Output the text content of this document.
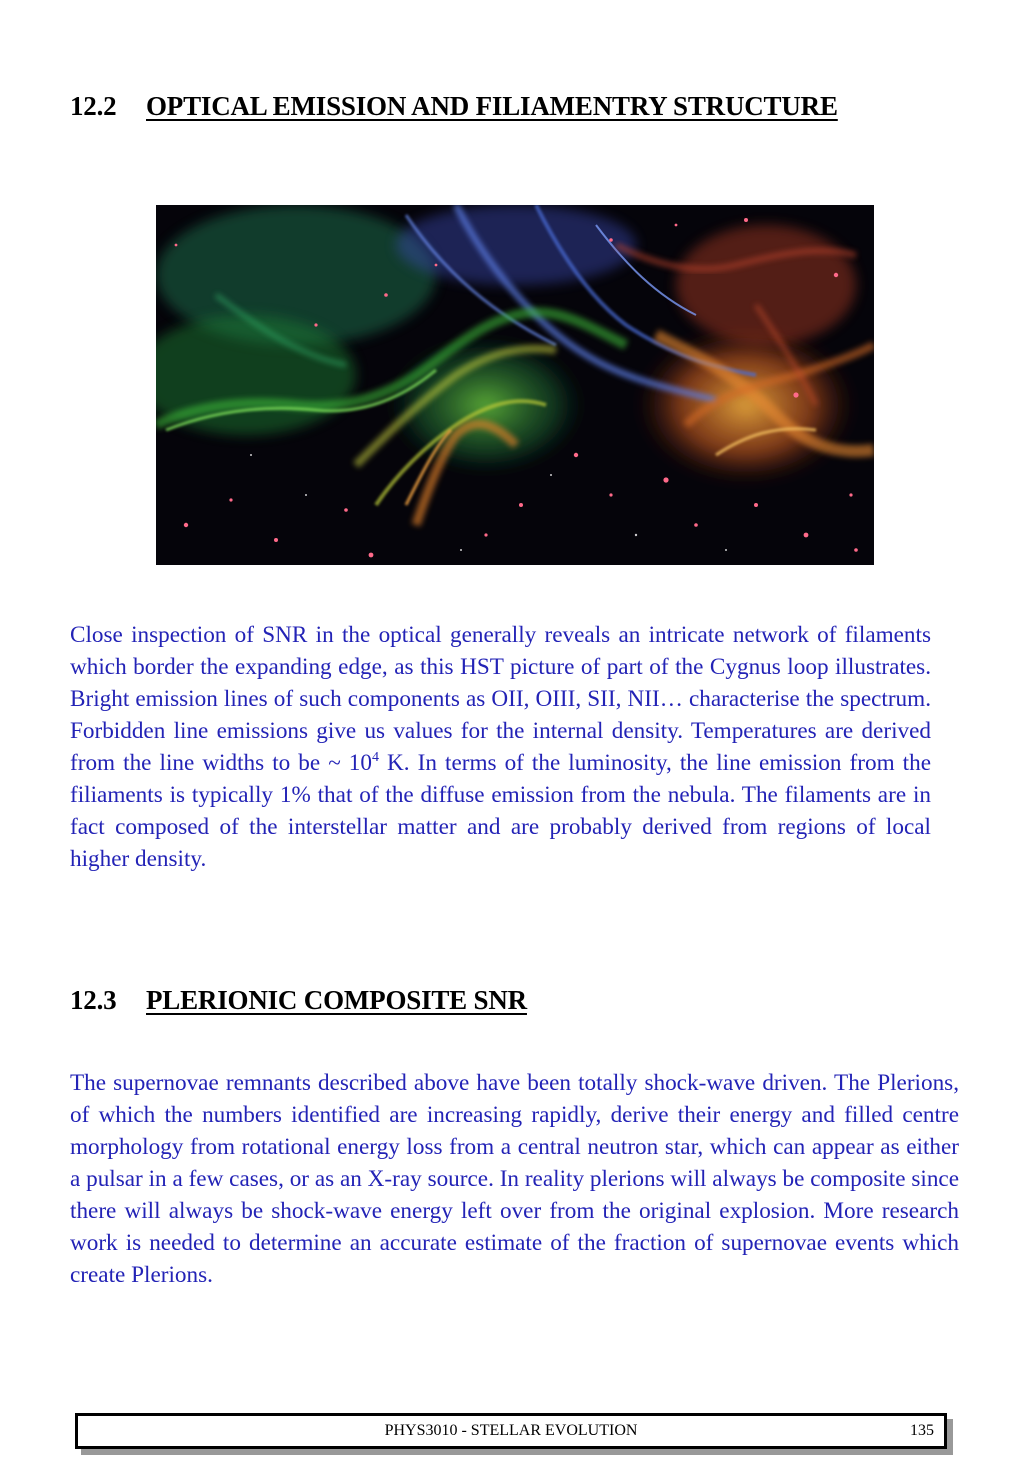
12.2 OPTICAL EMISSION AND FILIAMENTRY STRUCTURE
Close inspection of SNR in the optical generally reveals an intricate network of filaments which border the expanding edge, as this HST picture of part of the Cygnus loop illustrates. Bright emission lines of such components as OII, OIII, SII, NII… characterise the spectrum. Forbidden line emissions give us values for the internal density. Temperatures are derived from the line widths to be ~ $10^4$ K. In terms of the luminosity, the line emission from the filiaments is typically 1% that of the diffuse emission from the nebula. The filaments are in fact composed of the interstellar matter and are probably derived from regions of local higher density.
12.3 PLERIONIC COMPOSITE SNR
The supernovae remnants described above have been totally shock-wave driven. The Plerions, of which the numbers identified are increasing rapidly, derive their energy and filled centre morphology from rotational energy loss from a central neutron star, which can appear as either a pulsar in a few cases, or as an X-ray source. In reality plerions will always be composite since there will always be shock-wave energy left over from the original explosion. More research work is needed to determine an accurate estimate of the fraction of supernovae events which create Plerions.
PHYS3010 - STELLAR EVOLUTION	135
